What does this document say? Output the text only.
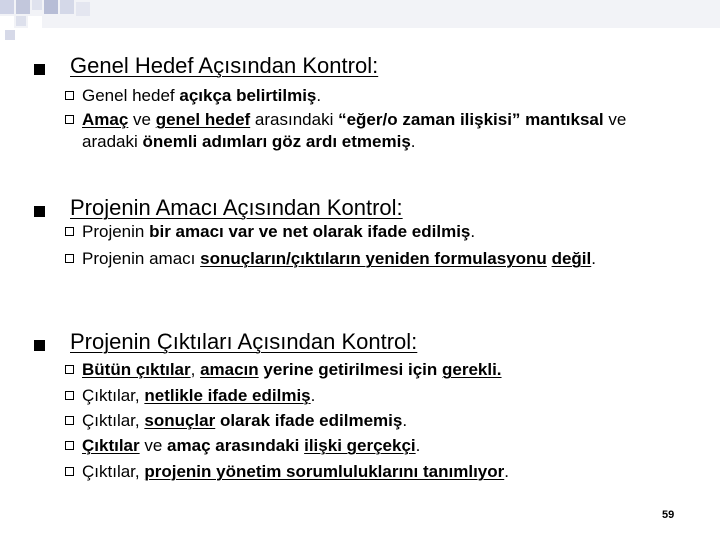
Genel Hedef Açısından Kontrol:
Genel hedef açıkça belirtilmiş.
Amaç ve genel hedef arasındaki “eğer/o zaman ilişkisi” mantıksal ve aradaki önemli adımları göz ardı etmemiş.
Projenin Amacı Açısından Kontrol:
Projenin bir amacı var ve net olarak ifade edilmiş.
Projenin amacı sonuçların/çıktıların yeniden formulasyonu değil.
Projenin Çıktıları Açısından Kontrol:
Bütün çıktılar, amacın yerine getirilmesi için gerekli.
Çıktılar, netlikle ifade edilmiş.
Çıktılar, sonuçlar olarak ifade edilmemiş.
Çıktılar ve amaç arasındaki ilişki gerçekçi.
Çıktılar, projenin yönetim sorumluluklarını tanımlıyor.
59
